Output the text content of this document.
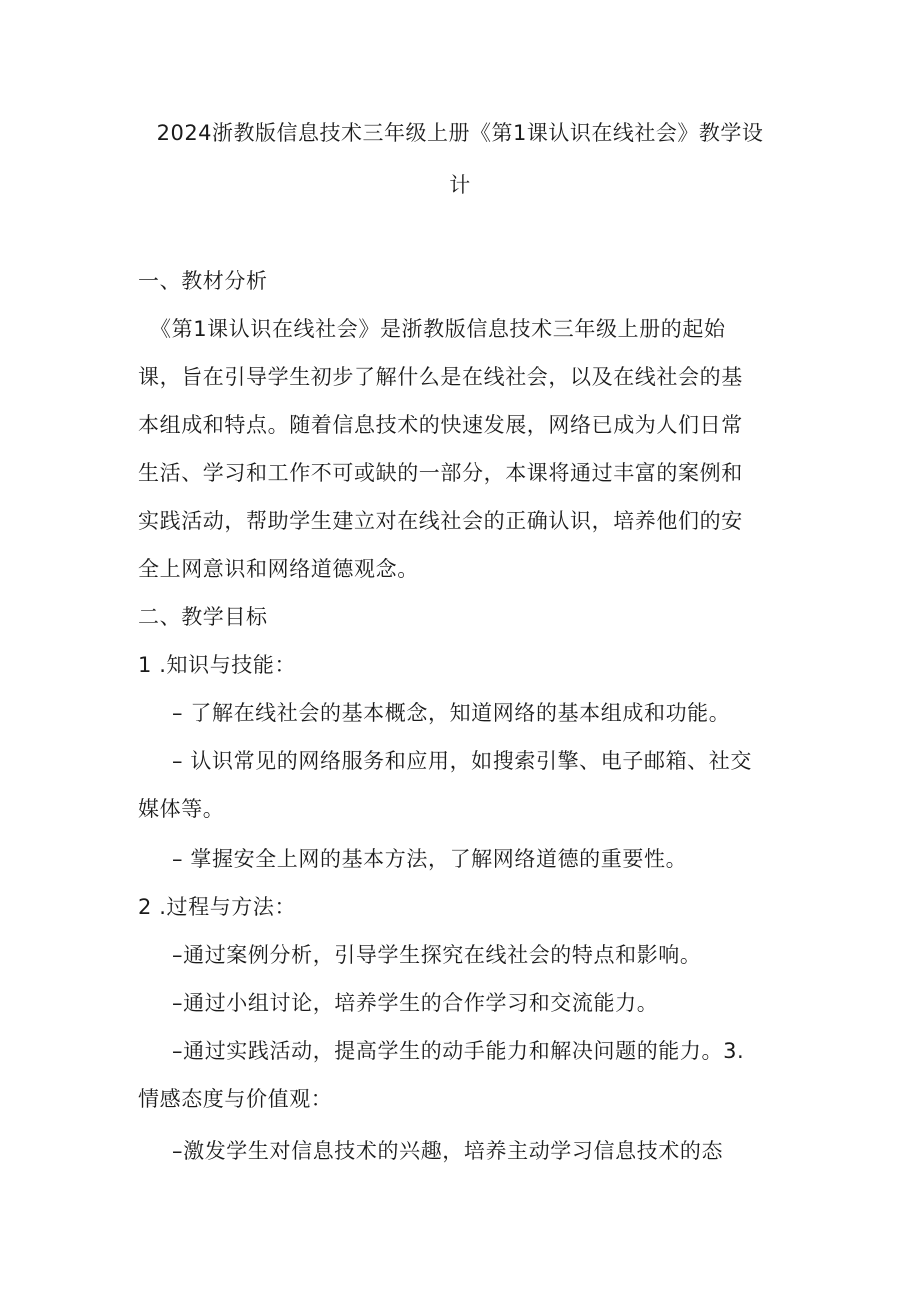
2024浙教版信息技术三年级上册《第1课认识在线社会》教学设
计
一、教材分析
《第1课认识在线社会》是浙教版信息技术三年级上册的起始
课，旨在引导学生初步了解什么是在线社会，以及在线社会的基
本组成和特点。随着信息技术的快速发展，网络已成为人们日常
生活、学习和工作不可或缺的一部分，本课将通过丰富的案例和
实践活动，帮助学生建立对在线社会的正确认识，培养他们的安
全上网意识和网络道德观念。
二、教学目标
1 .知识与技能：
– 了解在线社会的基本概念，知道网络的基本组成和功能。
– 认识常见的网络服务和应用，如搜索引擎、电子邮箱、社交
媒体等。
– 掌握安全上网的基本方法，了解网络道德的重要性。
2 .过程与方法：
–通过案例分析，引导学生探究在线社会的特点和影响。
–通过小组讨论，培养学生的合作学习和交流能力。
–通过实践活动，提高学生的动手能力和解决问题的能力。3.
情感态度与价值观：
–激发学生对信息技术的兴趣，培养主动学习信息技术的态
